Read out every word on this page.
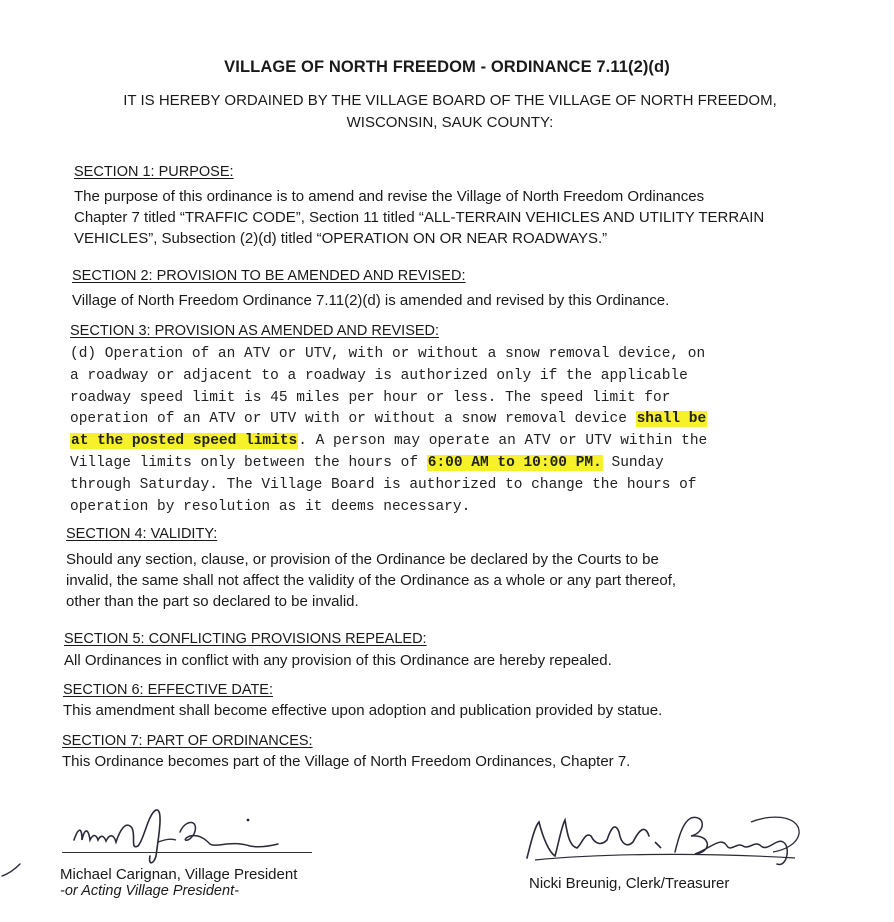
VILLAGE OF NORTH FREEDOM - ORDINANCE 7.11(2)(d)
IT IS HEREBY ORDAINED BY THE VILLAGE BOARD OF THE VILLAGE OF NORTH FREEDOM,
WISCONSIN, SAUK COUNTY:
SECTION 1: PURPOSE:
The purpose of this ordinance is to amend and revise the Village of North Freedom Ordinances
Chapter 7 titled “TRAFFIC CODE”, Section 11 titled “ALL-TERRAIN VEHICLES AND UTILITY TERRAIN
VEHICLES”, Subsection (2)(d) titled “OPERATION ON OR NEAR ROADWAYS.”
SECTION 2: PROVISION TO BE AMENDED AND REVISED:
Village of North Freedom Ordinance 7.11(2)(d) is amended and revised by this Ordinance.
SECTION 3: PROVISION AS AMENDED AND REVISED:
(d) Operation of an ATV or UTV, with or without a snow removal device, on
a roadway or adjacent to a roadway is authorized only if the applicable
roadway speed limit is 45 miles per hour or less. The speed limit for
operation of an ATV or UTV with or without a snow removal device shall be
at the posted speed limits. A person may operate an ATV or UTV within the
Village limits only between the hours of 6:00 AM to 10:00 PM. Sunday
through Saturday. The Village Board is authorized to change the hours of
operation by resolution as it deems necessary.
SECTION 4: VALIDITY:
Should any section, clause, or provision of the Ordinance be declared by the Courts to be
invalid, the same shall not affect the validity of the Ordinance as a whole or any part thereof,
other than the part so declared to be invalid.
SECTION 5: CONFLICTING PROVISIONS REPEALED:
All Ordinances in conflict with any provision of this Ordinance are hereby repealed.
SECTION 6: EFFECTIVE DATE:
This amendment shall become effective upon adoption and publication provided by statue.
SECTION 7: PART OF ORDINANCES:
This Ordinance becomes part of the Village of North Freedom Ordinances, Chapter 7.
Michael Carignan, Village President
-or Acting Village President-	Nicki Breunig, Clerk/Treasurer
